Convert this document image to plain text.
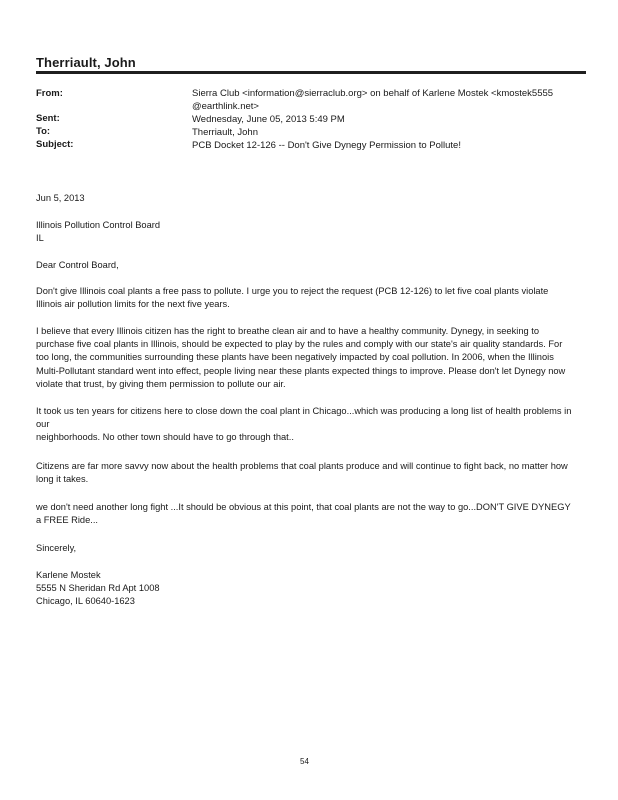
Therriault, John
From:	Sierra Club <information@sierraclub.org> on behalf of Karlene Mostek <kmostek5555 @earthlink.net>
Sent:	Wednesday, June 05, 2013 5:49 PM
To:	Therriault, John
Subject:	PCB Docket 12-126 -- Don't Give Dynegy Permission to Pollute!
Jun 5, 2013

Illinois Pollution Control Board

IL

Dear Control Board,
Don't give Illinois coal plants a free pass to pollute. I urge you to reject the request (PCB 12-126) to let five coal plants violate Illinois air pollution limits for the next five years.
I believe that every Illinois citizen has the right to breathe clean air and to have a healthy community. Dynegy, in seeking to purchase five coal plants in Illinois, should be expected to play by the rules and comply with our state's air quality standards. For too long, the communities surrounding these plants have been negatively impacted by coal pollution. In 2006, when the Illinois Multi-Pollutant standard went into effect, people living near these plants expected things to improve. Please don't let Dynegy now violate that trust, by giving them permission to pollute our air.

It took us ten years for citizens here to close down the coal plant in Chicago...which was producing a long list of health problems in our

neighborhoods. No other town should have to go through that..

Citizens are far more savvy now about the health problems that coal plants produce and will continue to fight back, no matter how long it takes.
we don't need another long fight ...It should be obvious at this point, that coal plants are not the way to go...DON'T GIVE DYNEGY a FREE Ride...
Sincerely,

Karlene Mostek

5555 N Sheridan Rd Apt 1008

Chicago, IL 60640-1623

54
